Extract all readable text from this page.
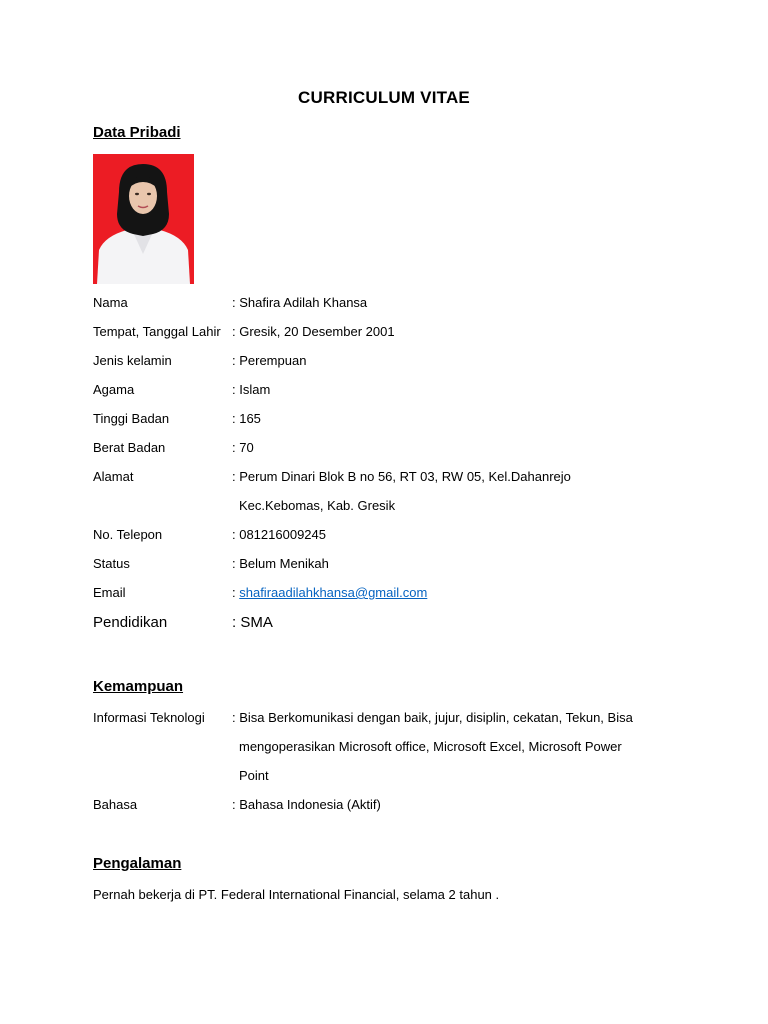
CURRICULUM VITAE
Data Pribadi
Nama	: Shafira Adilah Khansa
Tempat, Tanggal Lahir : Gresik, 20 Desember 2001
Jenis kelamin	: Perempuan
Agama	: Islam
Tinggi Badan	: 165
Berat Badan	: 70
Alamat	: Perum Dinari Blok B no 56, RT 03, RW 05, Kel.Dahanrejo
Kec.Kebomas, Kab. Gresik
No. Telepon	: 081216009245
Status	: Belum Menikah
Email	: shafiraadilahkhansa@gmail.com
Pendidikan	: SMA
Kemampuan
Informasi Teknologi : Bisa Berkomunikasi dengan baik, jujur, disiplin, cekatan, Tekun, Bisa
mengoperasikan Microsoft office, Microsoft Excel, Microsoft Power
Point
Bahasa	: Bahasa Indonesia (Aktif)
Pengalaman
Pernah bekerja di PT. Federal International Financial, selama 2 tahun .
